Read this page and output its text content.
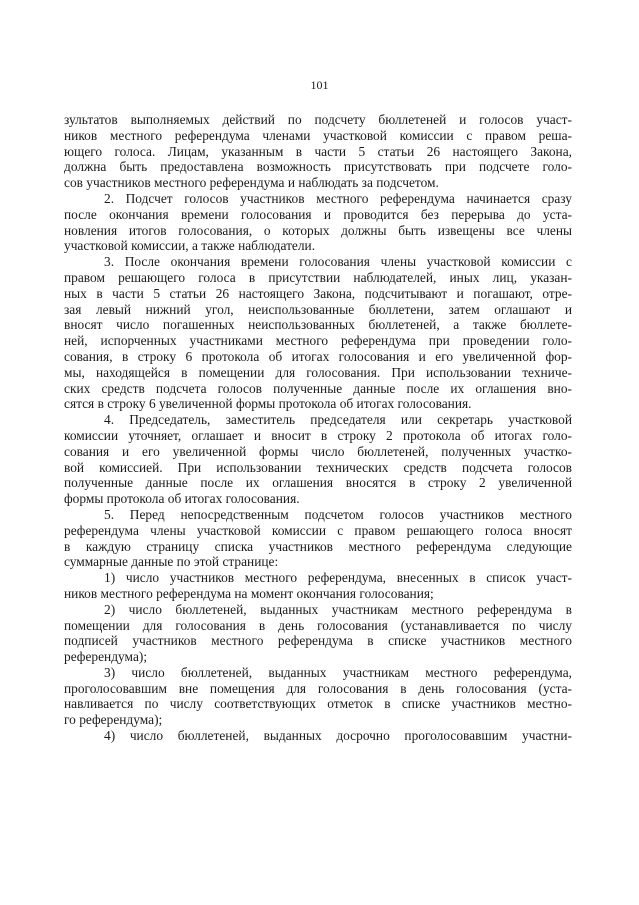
101
зультатов выполняемых действий по подсчету бюллетеней и голосов участ-
ников местного референдума членами участковой комиссии с правом реша-
ющего голоса. Лицам, указанным в части 5 статьи 26 настоящего Закона,
должна быть предоставлена возможность присутствовать при подсчете голо-
сов участников местного референдума и наблюдать за подсчетом.
2. Подсчет голосов участников местного референдума начинается сразу
после окончания времени голосования и проводится без перерыва до уста-
новления итогов голосования, о которых должны быть извещены все члены
участковой комиссии, а также наблюдатели.
3. После окончания времени голосования члены участковой комиссии с
правом решающего голоса в присутствии наблюдателей, иных лиц, указан-
ных в части 5 статьи 26 настоящего Закона, подсчитывают и погашают, отре-
зая левый нижний угол, неиспользованные бюллетени, затем оглашают и
вносят число погашенных неиспользованных бюллетеней, а также бюллете-
ней, испорченных участниками местного референдума при проведении голо-
сования, в строку 6 протокола об итогах голосования и его увеличенной фор-
мы, находящейся в помещении для голосования. При использовании техниче-
ских средств подсчета голосов полученные данные после их оглашения вно-
сятся в строку 6 увеличенной формы протокола об итогах голосования.
4. Председатель, заместитель председателя или секретарь участковой
комиссии уточняет, оглашает и вносит в строку 2 протокола об итогах голо-
сования и его увеличенной формы число бюллетеней, полученных участко-
вой комиссией. При использовании технических средств подсчета голосов
полученные данные после их оглашения вносятся в строку 2 увеличенной
формы протокола об итогах голосования.
5. Перед непосредственным подсчетом голосов участников местного
референдума члены участковой комиссии с правом решающего голоса вносят
в каждую страницу списка участников местного референдума следующие
суммарные данные по этой странице:
1) число участников местного референдума, внесенных в список участ-
ников местного референдума на момент окончания голосования;
2) число бюллетеней, выданных участникам местного референдума в
помещении для голосования в день голосования (устанавливается по числу
подписей участников местного референдума в списке участников местного
референдума);
3) число бюллетеней, выданных участникам местного референдума,
проголосовавшим вне помещения для голосования в день голосования (уста-
навливается по числу соответствующих отметок в списке участников местно-
го референдума);
4) число бюллетеней, выданных досрочно проголосовавшим участни-
